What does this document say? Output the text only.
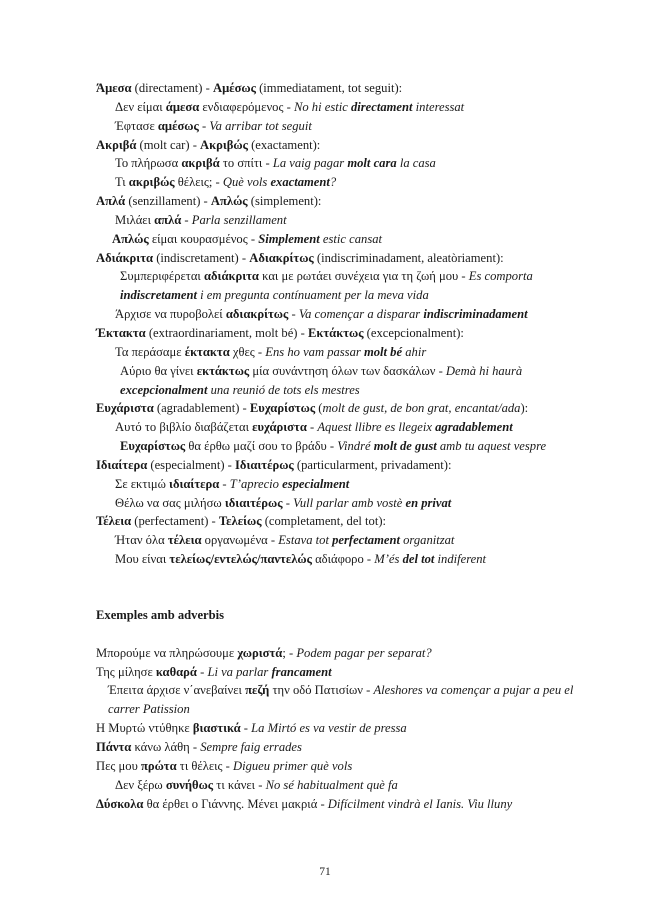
Άμεσα (directament) - Αμέσως (immediatament, tot seguit):
Δεν είμαι άμεσα ενδιαφερόμενος - No hi estic directament interessat
Έφτασε αμέσως - Va arribar tot seguit
Ακριβά (molt car) - Ακριβώς (exactament):
Το πλήρωσα ακριβά το σπίτι - La vaig pagar molt cara la casa
Τι ακριβώς θέλεις; - Què vols exactament?
Απλά (senzillament) - Απλώς (simplement):
Μιλάει απλά - Parla senzillament
Απλώς είμαι κουρασμένος - Simplement estic cansat
Αδιάκριτα (indiscretament) - Αδιακρίτως (indiscriminadament, aleatòriament):
Συμπεριφέρεται αδιάκριτα και με ρωτάει συνέχεια για τη ζωή μου - Es comporta indiscretament i em pregunta contínuament per la meva vida
Άρχισε να πυροβολεί αδιακρίτως - Va començar a disparar indiscriminadament
Έκτακτα (extraordinariament, molt bé) - Εκτάκτως (excepcionalment):
Τα περάσαμε έκτακτα χθες - Ens ho vam passar molt bé ahir
Αύριο θα γίνει εκτάκτως μία συνάντηση όλων των δασκάλων - Demà hi haurà excepcionalment una reunió de tots els mestres
Ευχάριστα (agradablement) - Ευχαρίστως (molt de gust, de bon grat, encantat/ada):
Αυτό το βιβλίο διαβάζεται ευχάριστα - Aquest llibre es llegeix agradablement
Ευχαρίστως θα έρθω μαζί σου το βράδυ - Vindré molt de gust amb tu aquest vespre
Ιδιαίτερα (especialment) - Ιδιαιτέρως (particularment, privadament):
Σε εκτιμώ ιδιαίτερα - T’aprecio especialment
Θέλω να σας μιλήσω ιδιαιτέρως - Vull parlar amb vostè en privat
Τέλεια (perfectament) - Τελείως (completament, del tot):
Ήταν όλα τέλεια οργανωμένα - Estava tot perfectament organitzat
Μου είναι τελείως/εντελώς/παντελώς αδιάφορο - M’és del tot indiferent
Exemples amb adverbis
Μπορούμε να πληρώσουμε χωριστά; - Podem pagar per separat?
Της μίλησε καθαρά - Li va parlar francament
Έπειτα άρχισε ν΄ανεβαίνει πεζή την οδό Πατισίων - Aleshores va començar a pujar a peu el carrer Patission
Η Μυρτώ ντύθηκε βιαστικά - La Mirtó es va vestir de pressa
Πάντα κάνω λάθη - Sempre faig errades
Πες μου πρώτα τι θέλεις - Digueu primer què vols
Δεν ξέρω συνήθως τι κάνει - No sé habitualment què fa
Δύσκολα θα έρθει ο Γιάννης. Μένει μακριά - Difícilment vindrà el Ianis. Viu lluny
71
